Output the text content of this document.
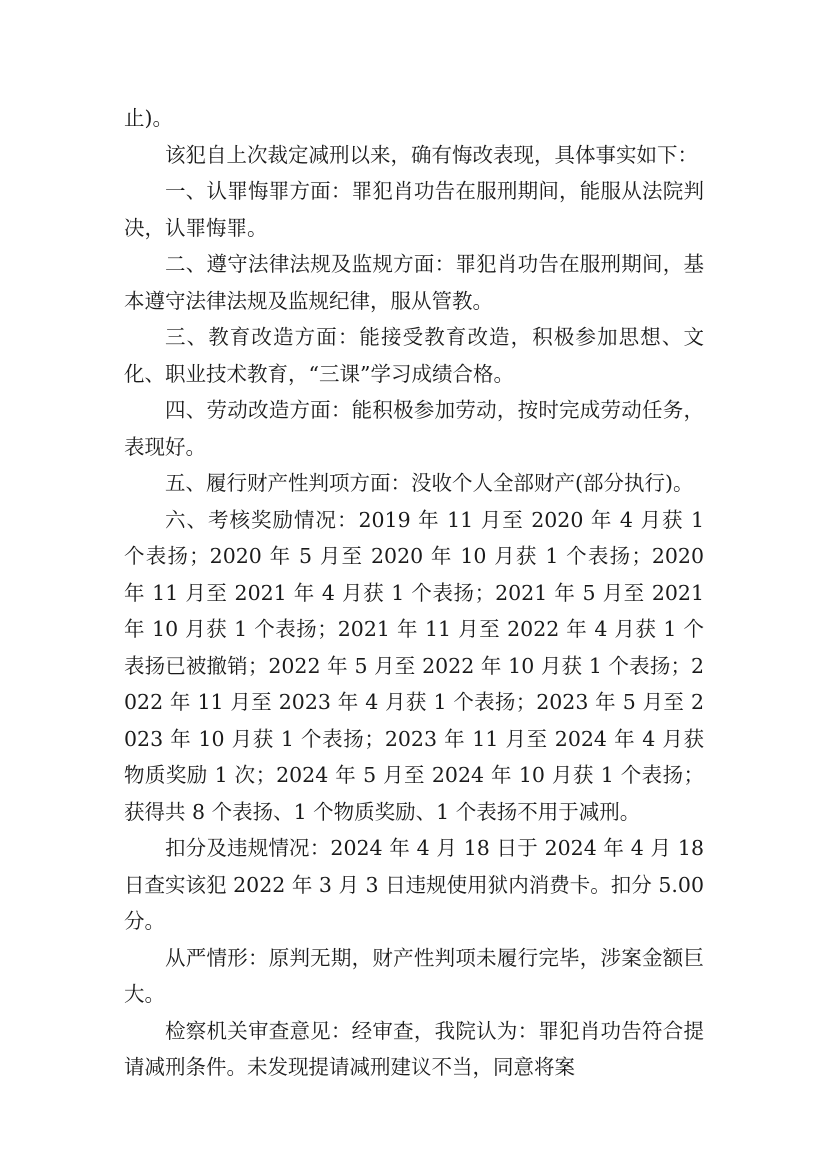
止)。

该犯自上次裁定减刑以来，确有悔改表现，具体事实如下：

一、认罪悔罪方面：罪犯肖功告在服刑期间，能服从法院判决，认罪悔罪。

二、遵守法律法规及监规方面：罪犯肖功告在服刑期间，基本遵守法律法规及监规纪律，服从管教。

三、教育改造方面：能接受教育改造，积极参加思想、文化、职业技术教育，“三课”学习成绩合格。

四、劳动改造方面：能积极参加劳动，按时完成劳动任务，表现好。

五、履行财产性判项方面：没收个人全部财产(部分执行)。

六、考核奖励情况：2019 年 11 月至 2020 年 4 月获 1 个表扬；2020 年 5 月至 2020 年 10 月获 1 个表扬；2020 年 11 月至 2021 年 4 月获 1 个表扬；2021 年 5 月至 2021 年 10 月获 1 个表扬；2021 年 11 月至 2022 年 4 月获 1 个表扬已被撤销；2022 年 5 月至 2022 年 10 月获 1 个表扬；2022 年 11 月至 2023 年 4 月获 1 个表扬；2023 年 5 月至 2023 年 10 月获 1 个表扬；2023 年 11 月至 2024 年 4 月获物质奖励 1 次；2024 年 5 月至 2024 年 10 月获 1 个表扬；获得共 8 个表扬、1 个物质奖励、1 个表扬不用于减刑。

扣分及违规情况：2024 年 4 月 18 日于 2024 年 4 月 18 日查实该犯 2022 年 3 月 3 日违规使用狱内消费卡。扣分 5.00 分。

从严情形：原判无期，财产性判项未履行完毕，涉案金额巨大。

检察机关审查意见：经审查，我院认为：罪犯肖功告符合提请减刑条件。未发现提请减刑建议不当，同意将案
